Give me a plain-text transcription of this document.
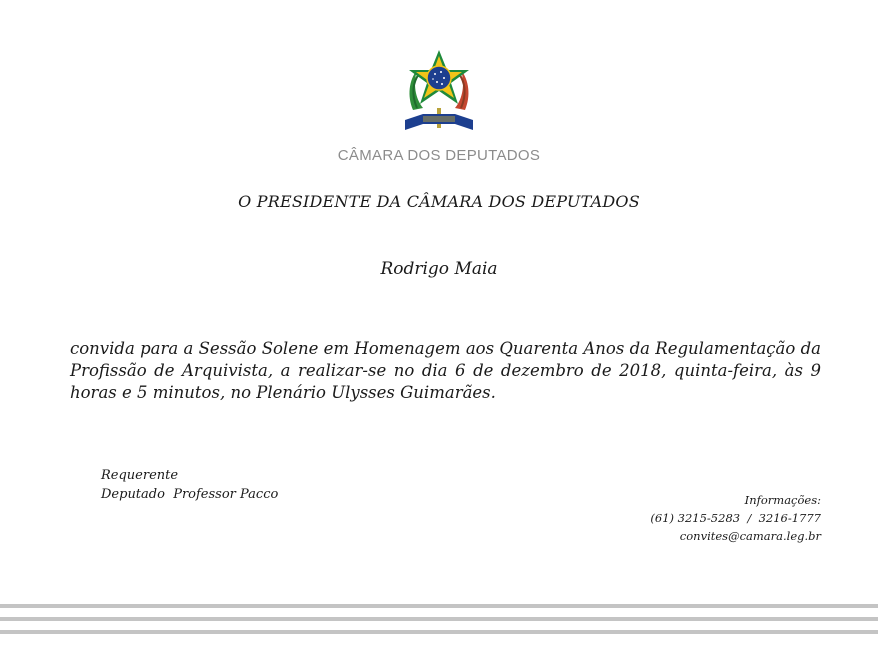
CÂMARA DOS DEPUTADOS
O PRESIDENTE DA CÂMARA DOS DEPUTADOS
Rodrigo Maia
convida para a Sessão Solene em Homenagem aos Quarenta Anos da Regulamentação da Profissão de Arquivista, a realizar-se no dia 6 de dezembro de 2018, quinta-feira, às 9 horas e 5 minutos, no Plenário Ulysses Guimarães.
Requerente
Deputado  Professor Pacco	Informações:
(61) 3215-5283  /  3216-1777
convites@camara.leg.br
